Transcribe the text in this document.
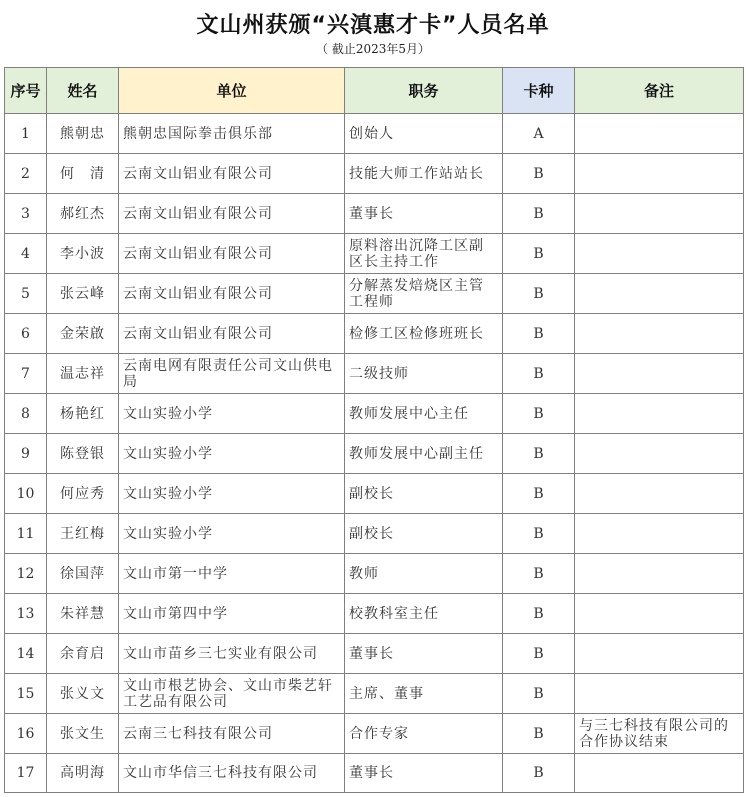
文山州获颁“兴滇惠才卡”人员名单
（ 截止2023年5月）
序号	姓名	单位	职务	卡种	备注
1	熊朝忠	熊朝忠国际拳击俱乐部	创始人	A	
2	何　清	云南文山铝业有限公司	技能大师工作站站长	B	
3	郝红杰	云南文山铝业有限公司	董事长	B	
4	李小波	云南文山铝业有限公司	原料溶出沉降工区副区长主持工作	B	
5	张云峰	云南文山铝业有限公司	分解蒸发焙烧区主管工程师	B	
6	金荣啟	云南文山铝业有限公司	检修工区检修班班长	B	
7	温志祥	云南电网有限责任公司文山供电局	二级技师	B	
8	杨艳红	文山实验小学	教师发展中心主任	B	
9	陈登银	文山实验小学	教师发展中心副主任	B	
10	何应秀	文山实验小学	副校长	B	
11	王红梅	文山实验小学	副校长	B	
12	徐国萍	文山市第一中学	教师	B	
13	朱祥慧	文山市第四中学	校教科室主任	B	
14	余育启	文山市苗乡三七实业有限公司	董事长	B	
15	张义文	文山市根艺协会、文山市柴艺轩工艺品有限公司	主席、董事	B	
16	张文生	云南三七科技有限公司	合作专家	B	与三七科技有限公司的合作协议结束
17	高明海	文山市华信三七科技有限公司	董事长	B	
